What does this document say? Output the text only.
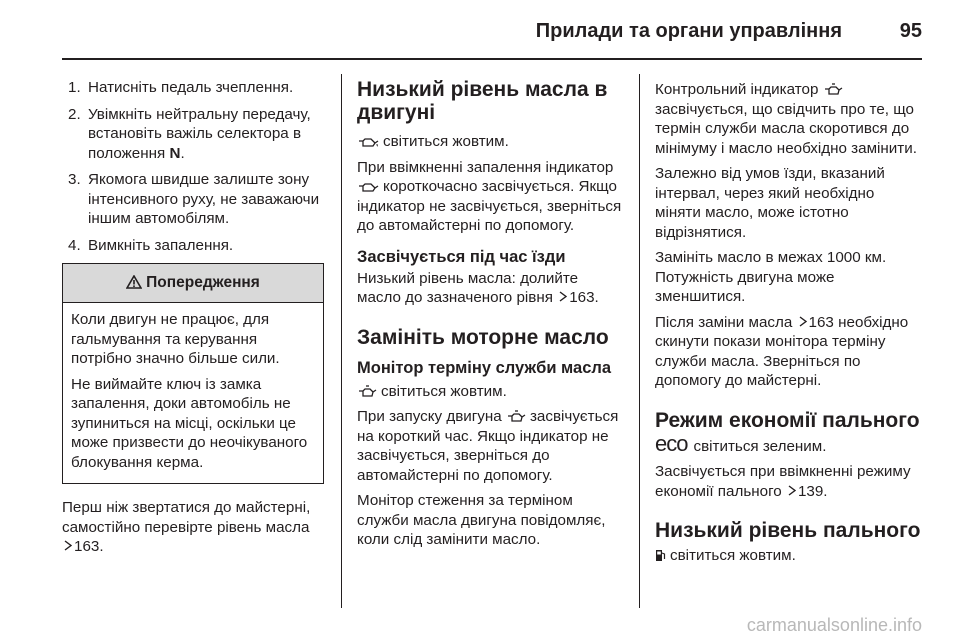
Прилади та органи управління	95
1. Натисніть педаль зчеплення.
2. Увімкніть нейтральну передачу, встановіть важіль селектора в положення N.
3. Якомога швидше залиште зону інтенсивного руху, не заважаючи іншим автомобілям.
4. Вимкніть запалення.
Попередження

Коли двигун не працює, для гальмування та керування потрібно значно більше сили.

Не виймайте ключ із замка запалення, доки автомобіль не зупиниться на місці, оскільки це може призвести до неочікуваного блокування керма.

Перш ніж звертатися до майстерні, самостійно перевірте рівень масла 163.

Низький рівень масла в двигуні

світиться жовтим.

При ввімкненні запалення індикатор короткочасно засвічується. Якщо індикатор не засвічується, зверніться до автомайстерні по допомогу.

Засвічується під час їзди

Низький рівень масла: долийте масло до зазначеного рівня 163.

Замініть моторне масло
Монітор терміну служби масла

світиться жовтим.

При запуску двигуна засвічується на короткий час. Якщо індикатор не засвічується, зверніться до автомайстерні по допомогу.

Монітор стеження за терміном служби масла двигуна повідомляє, коли слід замінити масло.

Контрольний індикатор засвічується, що свідчить про те, що термін служби масла скоротився до мінімуму і масло необхідно замінити.

Залежно від умов їзди, вказаний інтервал, через який необхідно міняти масло, може істотно відрізнятися.

Замініть масло в межах 1000 км. Потужність двигуна може зменшитися.

Після заміни масла 163 необхідно скинути покази монітора терміну служби масла. Зверніться по допомогу до майстерні.

Режим економії пального

eco світиться зеленим.

Засвічується при ввімкненні режиму економії пального 139.

Низький рівень пального

світиться жовтим.

carmanualsonline.info
